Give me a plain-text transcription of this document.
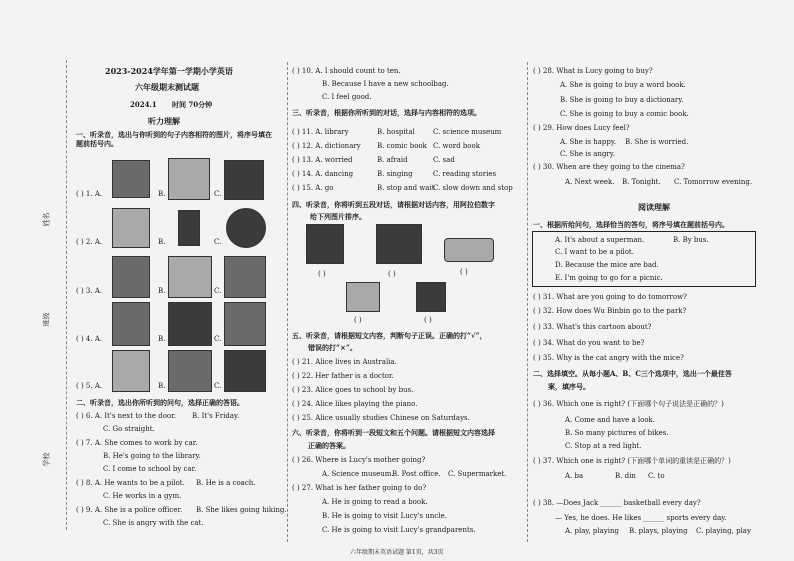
姓名
班级
学校
2023-2024学年第一学期小学英语
六年级期末测试题
2024.1 时间 70分钟
听力理解
一、听录音，选出与你听到的句子内容相符的图片，将序号填在题前括号内。
( ) 1. A.	B.	C.
( ) 2. A.	B.	C.
( ) 3. A.	B.	C.
( ) 4. A.	B.	C.
( ) 5. A.	B.	C.
二、听录音，选出你所听到的问句，选择正确的答语。
( ) 6. A. It's next to the door. B. It's Friday.
C. Go straight.
( ) 7. A. She comes to work by car.
B. He's going to the library.
C. I come to school by car.
( ) 8. A. He wants to be a pilot. B. He is a coach.
C. He works in a gym.
( ) 9. A. She is a police officer. B. She likes going hiking.
C. She is angry with the cat.
( ) 10. A. I should count to ten.
B. Because I have a new schoolbag.
C. I feel good.
三、听录音，根据你所听到的对话，选择与内容相符的选项。
( ) 11. A. library	B. hospital	C. science museum
( ) 12. A. dictionary B. comic book C. word book
( ) 13. A. worried	B. afraid	C. sad
( ) 14. A. dancing	B. singing	C. reading stories
( ) 15. A. go	B. stop and wait
C. slow down and stop
四、听录音，你将听到五段对话，请根据对话内容，用阿拉伯数字
给下列图片排序。
( )	( )	( )
( )	( )
五、听录音，请根据短文内容，判断句子正误。正确的打“√”，
错误的打“×”。
( ) 21. Alice lives in Australia.
( ) 22. Her father is a doctor.
( ) 23. Alice goes to school by bus.
( ) 24. Alice likes playing the piano.
( ) 25. Alice usually studies Chinese on Saturdays.
六、听录音，你将听到一段短文和五个问题。请根据短文内容选择
正确的答案。
( ) 26. Where is Lucy's mother going?
A. Science museum.
B. Post office. C. Supermarket.
( ) 27. What is her father going to do?
A. He is going to read a book.
B. He is going to visit Lucy's uncle.
C. He is going to visit Lucy's grandparents.
六年级期末英语试题 第1页，共3页
( ) 28. What is Lucy going to buy?
A. She is going to buy a word book.
B. She is going to buy a dictionary.
C. She is going to buy a comic book.
( ) 29. How does Lucy feel?
A. She is happy. B. She is worried.
C. She is angry.
( ) 30. When are they going to the cinema?
A. Next week. B. Tonight. C. Tomorrow evening.
阅读理解
一、根据所给问句，选择恰当的答句，将序号填在题前括号内。
A. It's about a superman.	B. By bus.
C. I want to be a pilot.
D. Because the mice are bad.
E. I'm going to go for a picnic.
( ) 31. What are you going to do tomorrow?
( ) 32. How does Wu Binbin go to the park?
( ) 33. What's this cartoon about?
( ) 34. What do you want to be?
( ) 35. Why is the cat angry with the mice?
二、选择填空。从每小题A、B、C三个选项中，选出一个最佳答
案，填序号。
( ) 36. Which one is right? (下面哪个句子说法是正确的？)
A. Come and have a look.
B. So many pictures of bikes.
C. Stop at a red light.
( ) 37. Which one is right? (下面哪个单词的重读是正确的？)
A. ba	B. din C. to
( ) 38. —Does Jack ______ basketball every day?
— Yes, he does. He likes ______ sports every day.
A. play, playing B. plays, playing C. playing, play
